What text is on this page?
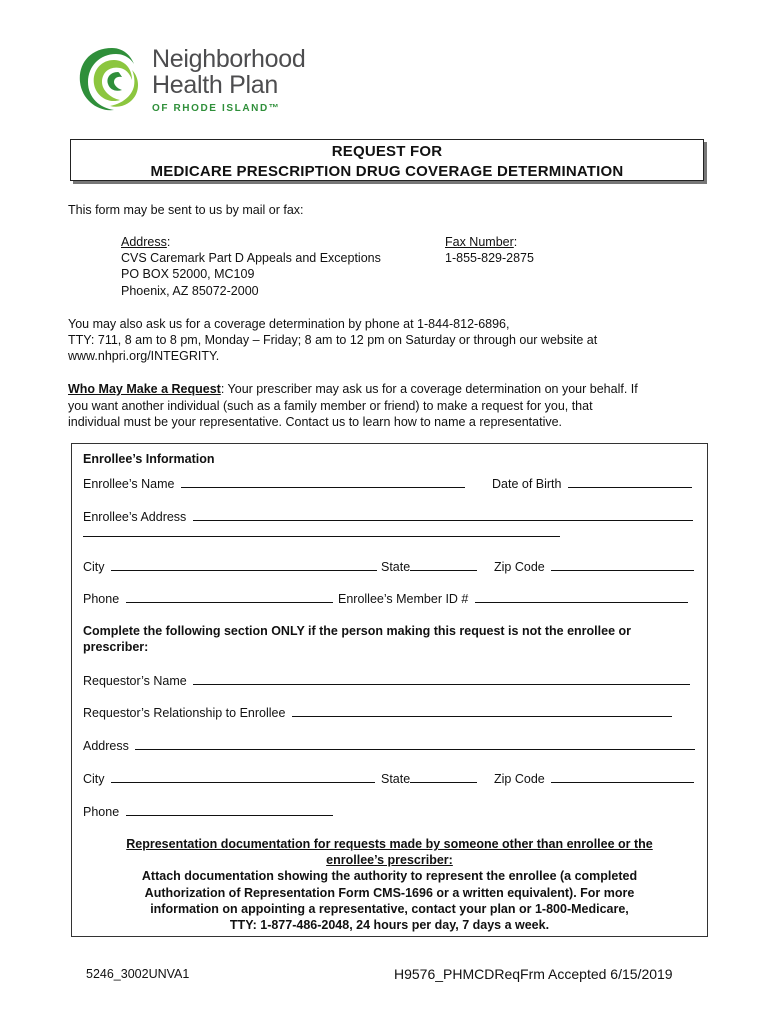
Neighborhood
Health Plan
OF RHODE ISLAND™
REQUEST FOR
MEDICARE PRESCRIPTION DRUG COVERAGE DETERMINATION
This form may be sent to us by mail or fax:
Address:
CVS Caremark Part D Appeals and Exceptions
PO BOX 52000, MC109
Phoenix, AZ 85072-2000
Fax Number:
1-855-829-2875
You may also ask us for a coverage determination by phone at 1-844-812-6896,
TTY: 711, 8 am to 8 pm, Monday – Friday; 8 am to 12 pm on Saturday or through our website at
www.nhpri.org/INTEGRITY.
Who May Make a Request: Your prescriber may ask us for a coverage determination on your behalf. If
you want another individual (such as a family member or friend) to make a request for you, that
individual must be your representative. Contact us to learn how to name a representative.
Enrollee’s Information
Enrollee’s Name	Date of Birth
Enrollee’s Address
City	State	Zip Code
Phone	Enrollee’s Member ID #
Complete the following section ONLY if the person making this request is not the enrollee or
prescriber:
Requestor’s Name
Requestor’s Relationship to Enrollee
Address
City	State	Zip Code
Phone
Representation documentation for requests made by someone other than enrollee or the
enrollee’s prescriber:
Attach documentation showing the authority to represent the enrollee (a completed
Authorization of Representation Form CMS-1696 or a written equivalent). For more
information on appointing a representative, contact your plan or 1-800-Medicare,
TTY: 1-877-486-2048, 24 hours per day, 7 days a week.
5246_3002UNVA1	H9576_PHMCDReqFrm Accepted 6/15/2019
